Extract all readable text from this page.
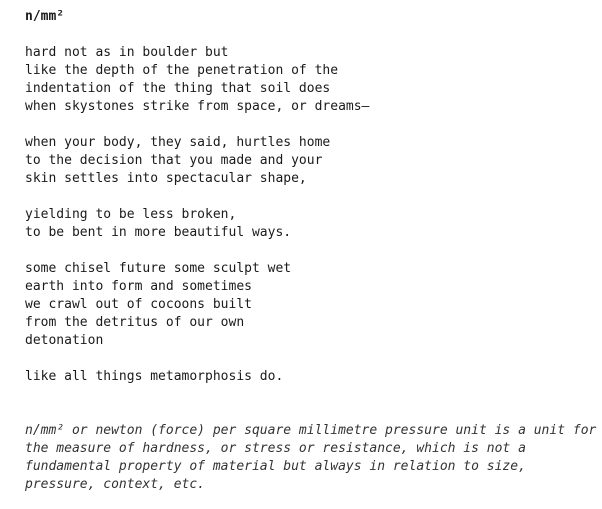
n/mm²
hard not as in boulder but
like the depth of the penetration of the
indentation of the thing that soil does
when skystones strike from space, or dreams—
when your body, they said, hurtles home
to the decision that you made and your
skin settles into spectacular shape,
yielding to be less broken,
to be bent in more beautiful ways.
some chisel future some sculpt wet
earth into form and sometimes
we crawl out of cocoons built
from the detritus of our own
detonation
like all things metamorphosis do.
n/mm² or newton (force) per square millimetre pressure unit is a unit for
the measure of hardness, or stress or resistance, which is not a
fundamental property of material but always in relation to size,
pressure, context, etc.
